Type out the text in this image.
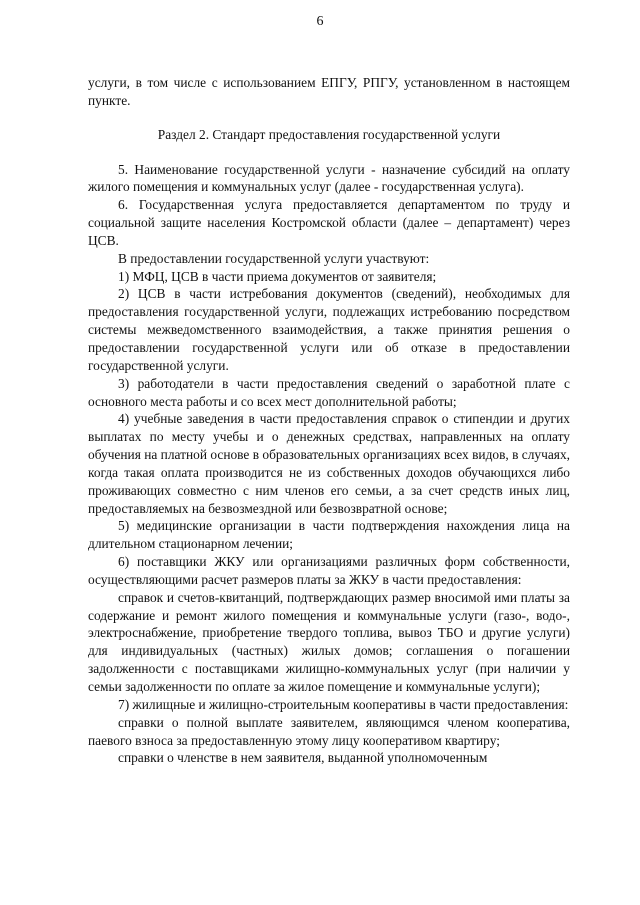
6

услуги, в том числе с использованием ЕПГУ, РПГУ, установленном в настоящем пункте.

Раздел 2. Стандарт предоставления государственной услуги

5. Наименование государственной услуги - назначение субсидий на оплату жилого помещения и коммунальных услуг (далее - государственная услуга).

6. Государственная услуга предоставляется департаментом по труду и социальной защите населения Костромской области (далее – департамент) через ЦСВ.

В предоставлении государственной услуги участвуют:

1) МФЦ, ЦСВ в части приема документов от заявителя;

2) ЦСВ в части истребования документов (сведений), необходимых для предоставления государственной услуги, подлежащих истребованию посредством системы межведомственного взаимодействия, а также принятия решения о предоставлении государственной услуги или об отказе в предоставлении государственной услуги.

3) работодатели в части предоставления сведений о заработной плате с основного места работы и со всех мест дополнительной работы;

4) учебные заведения в части предоставления справок о стипендии и других выплатах по месту учебы и о денежных средствах, направленных на оплату обучения на платной основе в образовательных организациях всех видов, в случаях, когда такая оплата производится не из собственных доходов обучающихся либо проживающих совместно с ним членов его семьи, а за счет средств иных лиц, предоставляемых на безвозмездной или безвозвратной основе;

5) медицинские организации в части подтверждения нахождения лица на длительном стационарном лечении;

6) поставщики ЖКУ или организациями различных форм собственности, осуществляющими расчет размеров платы за ЖКУ в части предоставления:

справок и счетов-квитанций, подтверждающих размер вносимой ими платы за содержание и ремонт жилого помещения и коммунальные услуги (газо-, водо-, электроснабжение, приобретение твердого топлива, вывоз ТБО и другие услуги) для индивидуальных (частных) жилых домов; соглашения о погашении задолженности с поставщиками жилищно-коммунальных услуг (при наличии у семьи задолженности по оплате за жилое помещение и коммунальные услуги);

7) жилищные и жилищно-строительным кооперативы в части предоставления:

справки о полной выплате заявителем, являющимся членом кооператива, паевого взноса за предоставленную этому лицу кооперативом квартиру;

справки о членстве в нем заявителя, выданной уполномоченным
